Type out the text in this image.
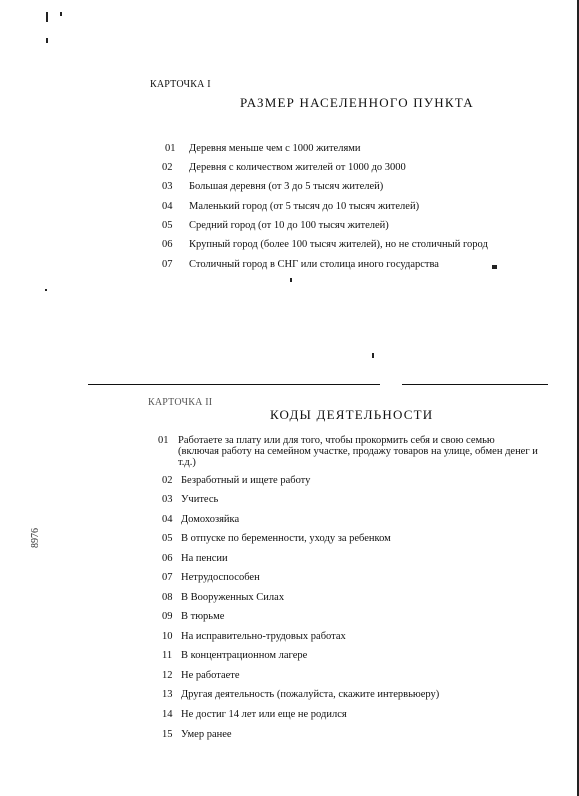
КАРТОЧКА I
РАЗМЕР НАСЕЛЕННОГО ПУНКТА
01 Деревня меньше чем с 1000 жителями
02 Деревня с количеством жителей от 1000 до 3000
03 Большая деревня (от 3 до 5 тысяч жителей)
04 Маленький город (от 5 тысяч до 10 тысяч жителей)
05 Средний город (от 10 до 100 тысяч жителей)
06 Крупный город (более 100 тысяч жителей), но не столичный город
07 Столичный город в СНГ или столица иного государства
КАРТОЧКА II
КОДЫ ДЕЯТЕЛЬНОСТИ
01 Работаете за плату или для того, чтобы прокормить себя и свою семью (включая работу на семейном участке, продажу товаров на улице, обмен денег и т.д.)
02 Безработный и ищете работу
03 Учитесь
04 Домохозяйка
05 В отпуске по беременности, уходу за ребенком
06 На пенсии
07 Нетрудоспособен
08 В Вооруженных Силах
09 В тюрьме
10 На исправительно-трудовых работах
11 В концентрационном лагере
12 Не работаете
13 Другая деятельность (пожалуйста, скажите интервьюеру)
14 Не достиг 14 лет или еще не родился
15 Умер ранее
8976
